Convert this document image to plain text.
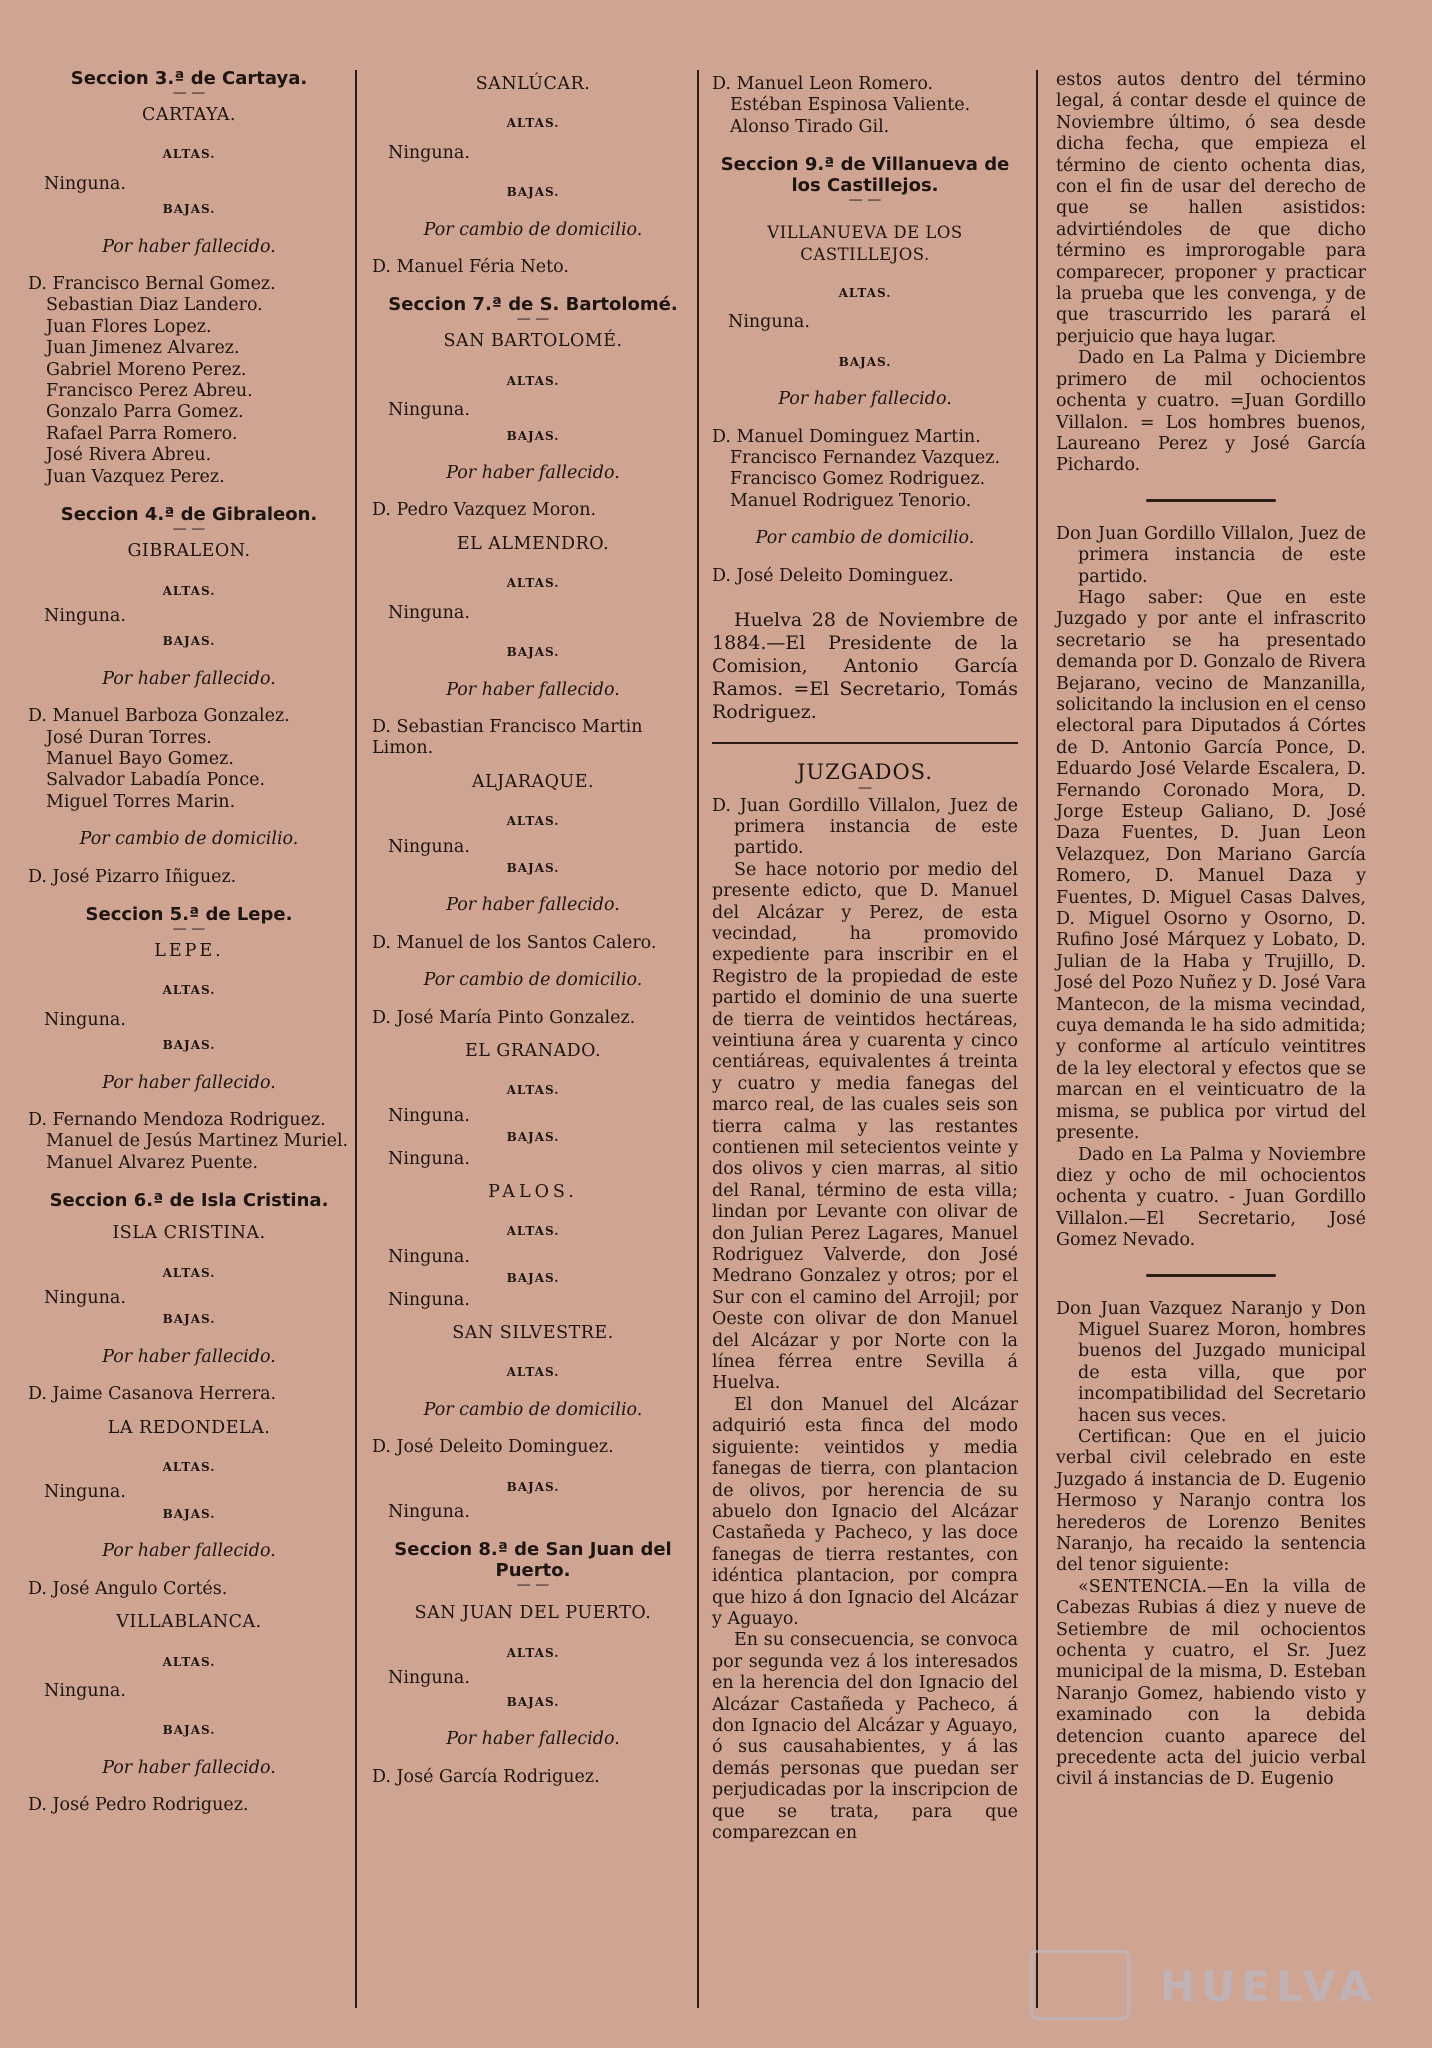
Seccion 3.ª de Cartaya.
— —
CARTAYA.
ALTAS.
Ninguna.
BAJAS.
Por haber fallecido.
D. Francisco Bernal Gomez.
Sebastian Diaz Landero.
Juan Flores Lopez.
Juan Jimenez Alvarez.
Gabriel Moreno Perez.
Francisco Perez Abreu.
Gonzalo Parra Gomez.
Rafael Parra Romero.
José Rivera Abreu.
Juan Vazquez Perez.
Seccion 4.ª de Gibraleon.
— —
GIBRALEON.
ALTAS.
Ninguna.
BAJAS.
Por haber fallecido.
D. Manuel Barboza Gonzalez.
José Duran Torres.
Manuel Bayo Gomez.
Salvador Labadía Ponce.
Miguel Torres Marin.
Por cambio de domicilio.
D. José Pizarro Iñiguez.
Seccion 5.ª de Lepe.
— —
LEPE.
ALTAS.
Ninguna.
BAJAS.
Por haber fallecido.
D. Fernando Mendoza Rodriguez.
Manuel de Jesús Martinez Muriel.
Manuel Alvarez Puente.
Seccion 6.ª de Isla Cristina.
ISLA CRISTINA.
ALTAS.
Ninguna.
BAJAS.
Por haber fallecido.
D. Jaime Casanova Herrera.
LA REDONDELA.
ALTAS.
Ninguna.
BAJAS.
Por haber fallecido.
D. José Angulo Cortés.
VILLABLANCA.
ALTAS.
Ninguna.
BAJAS.
Por haber fallecido.
D. José Pedro Rodriguez.
SANLÚCAR.
ALTAS.
Ninguna.
BAJAS.
Por cambio de domicilio.
D. Manuel Féria Neto.
Seccion 7.ª de S. Bartolomé.
— —
SAN BARTOLOMÉ.
ALTAS.
Ninguna.
BAJAS.
Por haber fallecido.
D. Pedro Vazquez Moron.
EL ALMENDRO.
ALTAS.
Ninguna.
BAJAS.
Por haber fallecido.
D. Sebastian Francisco Martin Limon.
ALJARAQUE.
ALTAS.
Ninguna.
BAJAS.
Por haber fallecido.
D. Manuel de los Santos Calero.
Por cambio de domicilio.
D. José María Pinto Gonzalez.
EL GRANADO.
ALTAS.
Ninguna.
BAJAS.
Ninguna.
PALOS.
ALTAS.
Ninguna.
BAJAS.
Ninguna.
SAN SILVESTRE.
ALTAS.
Por cambio de domicilio.
D. José Deleito Dominguez.
BAJAS.
Ninguna.
Seccion 8.ª de San Juan del Puerto.
— —
SAN JUAN DEL PUERTO.
ALTAS.
Ninguna.
BAJAS.
Por haber fallecido.
D. José García Rodriguez.
D. Manuel Leon Romero.
Estéban Espinosa Valiente.
Alonso Tirado Gil.
Seccion 9.ª de Villanueva de los Castillejos.
— —
VILLANUEVA DE LOS CASTILLEJOS.
ALTAS.
Ninguna.
BAJAS.
Por haber fallecido.
D. Manuel Dominguez Martin.
Francisco Fernandez Vazquez.
Francisco Gomez Rodriguez.
Manuel Rodriguez Tenorio.
Por cambio de domicilio.
D. José Deleito Dominguez.

Huelva 28 de Noviembre de 1884.—El Presidente de la Comision, Antonio García Ramos. =El Secretario, Tomás Rodriguez.

JUZGADOS.
—

D. Juan Gordillo Villalon, Juez de primera instancia de este partido.

Se hace notorio por medio del presente edicto, que D. Manuel del Alcázar y Perez, de esta vecindad, ha promovido expediente para inscribir en el Registro de la propiedad de este partido el dominio de una suerte de tierra de veintidos hectáreas, veintiuna área y cuarenta y cinco centiáreas, equivalentes á treinta y cuatro y media fanegas del marco real, de las cuales seis son tierra calma y las restantes contienen mil setecientos veinte y dos olivos y cien marras, al sitio del Ranal, término de esta villa; lindan por Levante con olivar de don Julian Perez Lagares, Manuel Rodriguez Valverde, don José Medrano Gonzalez y otros; por el Sur con el camino del Arrojil; por Oeste con olivar de don Manuel del Alcázar y por Norte con la línea férrea entre Sevilla á Huelva.

El don Manuel del Alcázar adquirió esta finca del modo siguiente: veintidos y media fanegas de tierra, con plantacion de olivos, por herencia de su abuelo don Ignacio del Alcázar Castañeda y Pacheco, y las doce fanegas de tierra restantes, con idéntica plantacion, por compra que hizo á don Ignacio del Alcázar y Aguayo.

En su consecuencia, se convoca por segunda vez á los interesados en la herencia del don Ignacio del Alcázar Castañeda y Pacheco, á don Ignacio del Alcázar y Aguayo, ó sus causahabientes, y á las demás personas que puedan ser perjudicadas por la inscripcion de que se trata, para que comparezcan en

estos autos dentro del término legal, á contar desde el quince de Noviembre último, ó sea desde dicha fecha, que empieza el término de ciento ochenta dias, con el fin de usar del derecho de que se hallen asistidos: advirtiéndoles de que dicho término es improrogable para comparecer, proponer y practicar la prueba que les convenga, y de que trascurrido les parará el perjuicio que haya lugar.

Dado en La Palma y Diciembre primero de mil ochocientos ochenta y cuatro. =Juan Gordillo Villalon. = Los hombres buenos, Laureano Perez y José García Pichardo.

Don Juan Gordillo Villalon, Juez de primera instancia de este partido.

Hago saber: Que en este Juzgado y por ante el infrascrito secretario se ha presentado demanda por D. Gonzalo de Rivera Bejarano, vecino de Manzanilla, solicitando la inclusion en el censo electoral para Diputados á Córtes de D. Antonio García Ponce, D. Eduardo José Velarde Escalera, D. Fernando Coronado Mora, D. Jorge Esteup Galiano, D. José Daza Fuentes, D. Juan Leon Velazquez, Don Mariano García Romero, D. Manuel Daza y Fuentes, D. Miguel Casas Dalves, D. Miguel Osorno y Osorno, D. Rufino José Márquez y Lobato, D. Julian de la Haba y Trujillo, D. José del Pozo Nuñez y D. José Vara Mantecon, de la misma vecindad, cuya demanda le ha sido admitida; y conforme al artículo veintitres de la ley electoral y efectos que se marcan en el veinticuatro de la misma, se publica por virtud del presente.

Dado en La Palma y Noviembre diez y ocho de mil ochocientos ochenta y cuatro. - Juan Gordillo Villalon.—El Secretario, José Gomez Nevado.

Don Juan Vazquez Naranjo y Don Miguel Suarez Moron, hombres buenos del Juzgado municipal de esta villa, que por incompatibilidad del Secretario hacen sus veces.

Certifican: Que en el juicio verbal civil celebrado en este Juzgado á instancia de D. Eugenio Hermoso y Naranjo contra los herederos de Lorenzo Benites Naranjo, ha recaido la sentencia del tenor siguiente:

«SENTENCIA.—En la villa de Cabezas Rubias á diez y nueve de Setiembre de mil ochocientos ochenta y cuatro, el Sr. Juez municipal de la misma, D. Esteban Naranjo Gomez, habiendo visto y examinado con la debida detencion cuanto aparece del precedente acta del juicio verbal civil á instancias de D. Eugenio

HUELVA
